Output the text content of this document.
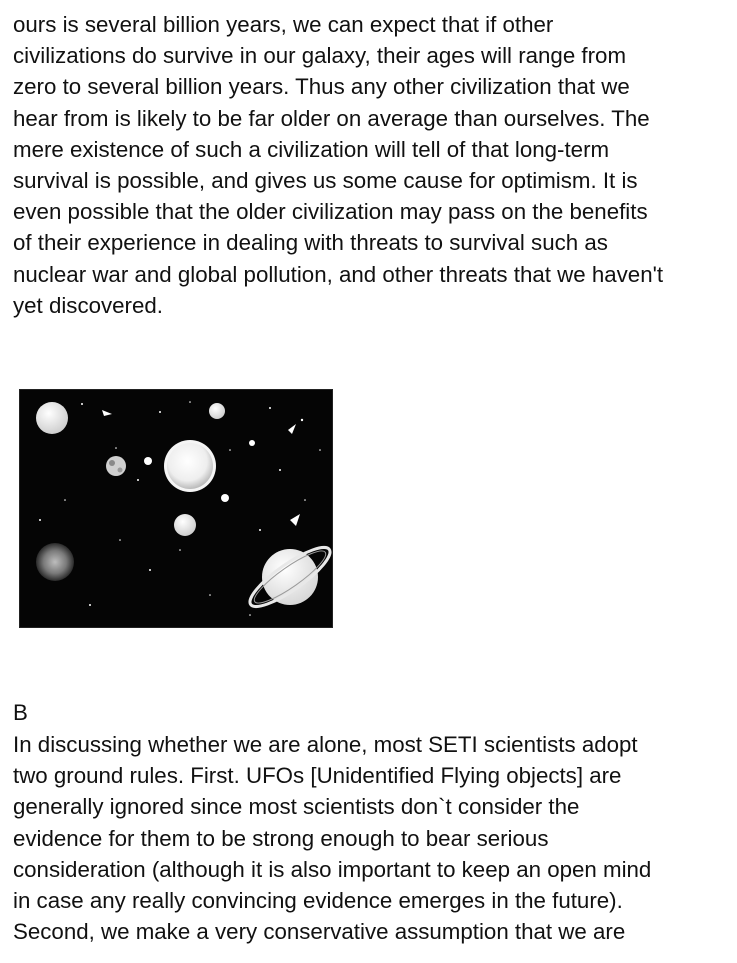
ours is several billion years, we can expect that if other
civilizations do survive in our galaxy, their ages will range from
zero to several billion years. Thus any other civilization that we
hear from is likely to be far older on average than ourselves. The
mere existence of such a civilization will tell of that long-term
survival is possible, and gives us some cause for optimism. It is
even possible that the older civilization may pass on the benefits
of their experience in dealing with threats to survival such as
nuclear war and global pollution, and other threats that we haven't
yet discovered.
B
In discussing whether we are alone, most SETI scientists adopt
two ground rules. First. UFOs [Unidentified Flying objects] are
generally ignored since most scientists don`t consider the
evidence for them to be strong enough to bear serious
consideration (although it is also important to keep an open mind
in case any really convincing evidence emerges in the future).
Second, we make a very conservative assumption that we are
